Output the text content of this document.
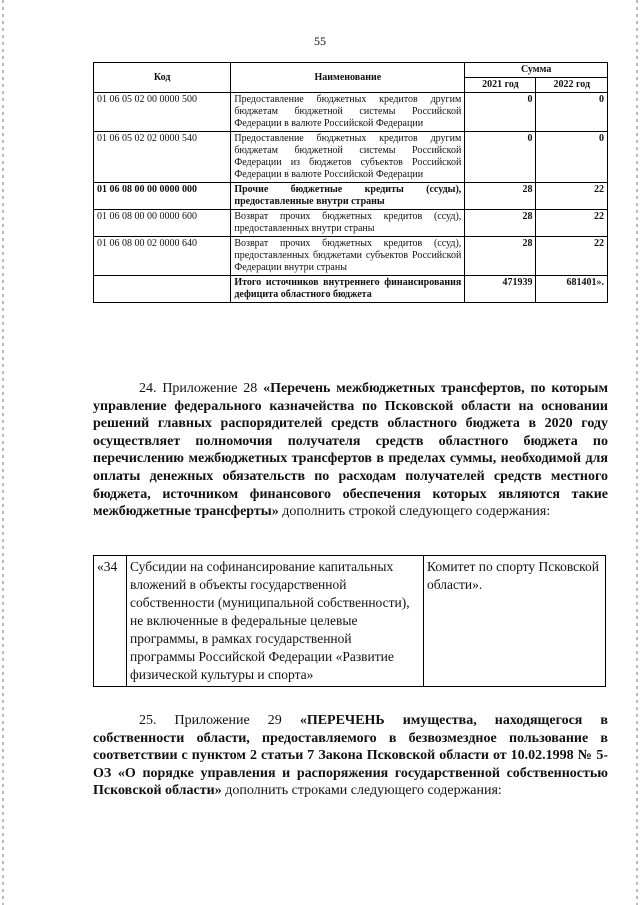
55
Код	Наименование	Сумма	
		2021 год	2022 год
01 06 05 02 00 0000 500	Предоставление бюджетных кредитов другим бюджетам бюджетной системы Российской Федерации в валюте Российской Федерации	0	0
01 06 05 02 02 0000 540	Предоставление бюджетных кредитов другим бюджетам бюджетной системы Российской Федерации из бюджетов субъектов Российской Федерации в валюте Российской Федерации	0	0
01 06 08 00 00 0000 000	Прочие бюджетные кредиты (ссуды), предоставленные внутри страны	28	22
01 06 08 00 00 0000 600	Возврат прочих бюджетных кредитов (ссуд), предоставленных внутри страны	28	22
01 06 08 00 02 0000 640	Возврат прочих бюджетных кредитов (ссуд), предоставленных бюджетами субъектов Российской Федерации внутри страны	28	22
	Итого источников внутреннего финансирования дефицита областного бюджета	471939	681401».
24. Приложение 28 «Перечень межбюджетных трансфертов, по которым управление федерального казначейства по Псковской области на основании решений главных распорядителей средств областного бюджета в 2020 году осуществляет полномочия получателя средств областного бюджета по перечислению межбюджетных трансфертов в пределах суммы, необходимой для оплаты денежных обязательств по расходам получателей средств местного бюджета, источником финансового обеспечения которых являются такие межбюджетные трансферты» дополнить строкой следующего содержания:
«34	Субсидии на софинансирование капитальных вложений в объекты государственной собственности (муниципальной собственности), не включенные в федеральные целевые программы, в рамках государственной программы Российской Федерации «Развитие физической культуры и спорта»	Комитет по спорту Псковской области».
25. Приложение 29 «ПЕРЕЧЕНЬ имущества, находящегося в собственности области, предоставляемого в безвозмездное пользование в соответствии с пунктом 2 статьи 7 Закона Псковской области от 10.02.1998 № 5-ОЗ «О порядке управления и распоряжения государственной собственностью Псковской области» дополнить строками следующего содержания:
